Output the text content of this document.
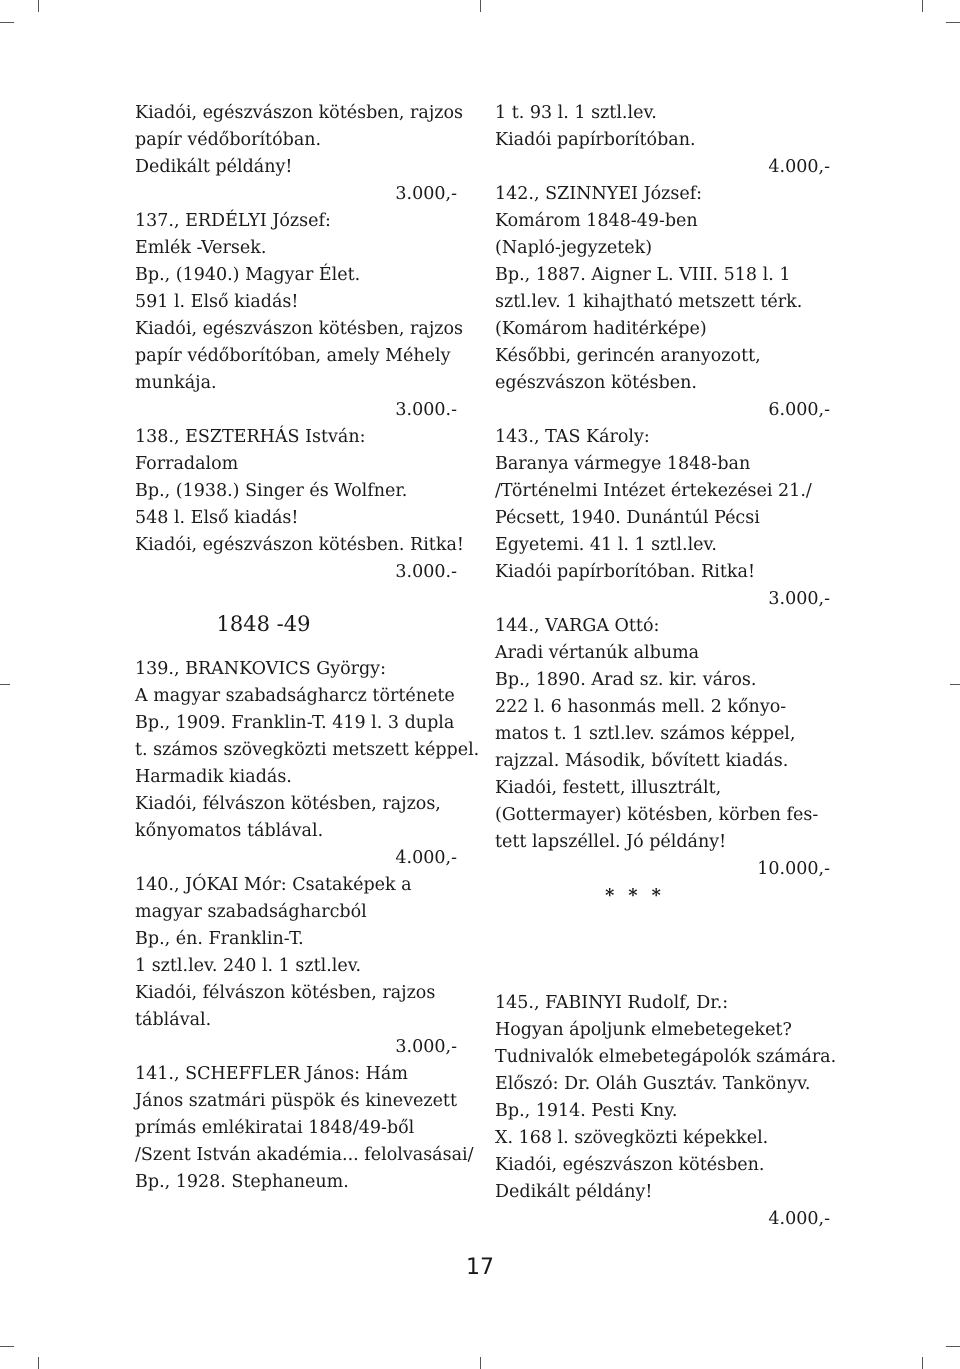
Kiadói, egészvászon kötésben, rajzos
papír védőborítóban.
Dedikált példány!
3.000,-
137., ERDÉLYI József:
Emlék -Versek.
Bp., (1940.) Magyar Élet.
591 l. Első kiadás!
Kiadói, egészvászon kötésben, rajzos
papír védőborítóban, amely Méhely
munkája.
3.000.-
138., ESZTERHÁS István:
Forradalom
Bp., (1938.) Singer és Wolfner.
548 l. Első kiadás!
Kiadói, egészvászon kötésben. Ritka!
3.000.-
1848 -49
139., BRANKOVICS György:
A magyar szabadságharcz története
Bp., 1909. Franklin-T. 419 l. 3 dupla
t. számos szövegközti metszett képpel.
Harmadik kiadás.
Kiadói, félvászon kötésben, rajzos,
kőnyomatos táblával.
4.000,-
140., JÓKAI Mór: Csataképek a
magyar szabadságharcból
Bp., én. Franklin-T.
1 sztl.lev. 240 l. 1 sztl.lev.
Kiadói, félvászon kötésben, rajzos
táblával.
3.000,-
141., SCHEFFLER János: Hám
János szatmári püspök és kinevezett
prímás emlékiratai 1848/49-ből
/Szent István akadémia... felolvasásai/
Bp., 1928. Stephaneum.
1 t. 93 l. 1 sztl.lev.
Kiadói papírborítóban.
4.000,-
142., SZINNYEI József:
Komárom 1848-49-ben
(Napló-jegyzetek)
Bp., 1887. Aigner L. VIII. 518 l. 1
sztl.lev. 1 kihajtható metszett térk.
(Komárom haditérképe)
Későbbi, gerincén aranyozott,
egészvászon kötésben.
6.000,-
143., TAS Károly:
Baranya vármegye 1848-ban
/Történelmi Intézet értekezései 21./
Pécsett, 1940. Dunántúl Pécsi
Egyetemi. 41 l. 1 sztl.lev.
Kiadói papírborítóban. Ritka!
3.000,-
144., VARGA Ottó:
Aradi vértanúk albuma
Bp., 1890. Arad sz. kir. város.
222 l. 6 hasonmás mell. 2 kőnyo-
matos t. 1 sztl.lev. számos képpel,
rajzzal. Második, bővített kiadás.
Kiadói, festett, illusztrált,
(Gottermayer) kötésben, körben fes-
tett lapszéllel. Jó példány!
10.000,-
* * *
145., FABINYI Rudolf, Dr.:
Hogyan ápoljunk elmebetegeket?
Tudnivalók elmebetegápolók számára.
Előszó: Dr. Oláh Gusztáv. Tankönyv.
Bp., 1914. Pesti Kny.
X. 168 l. szövegközti képekkel.
Kiadói, egészvászon kötésben.
Dedikált példány!
4.000,-
17
